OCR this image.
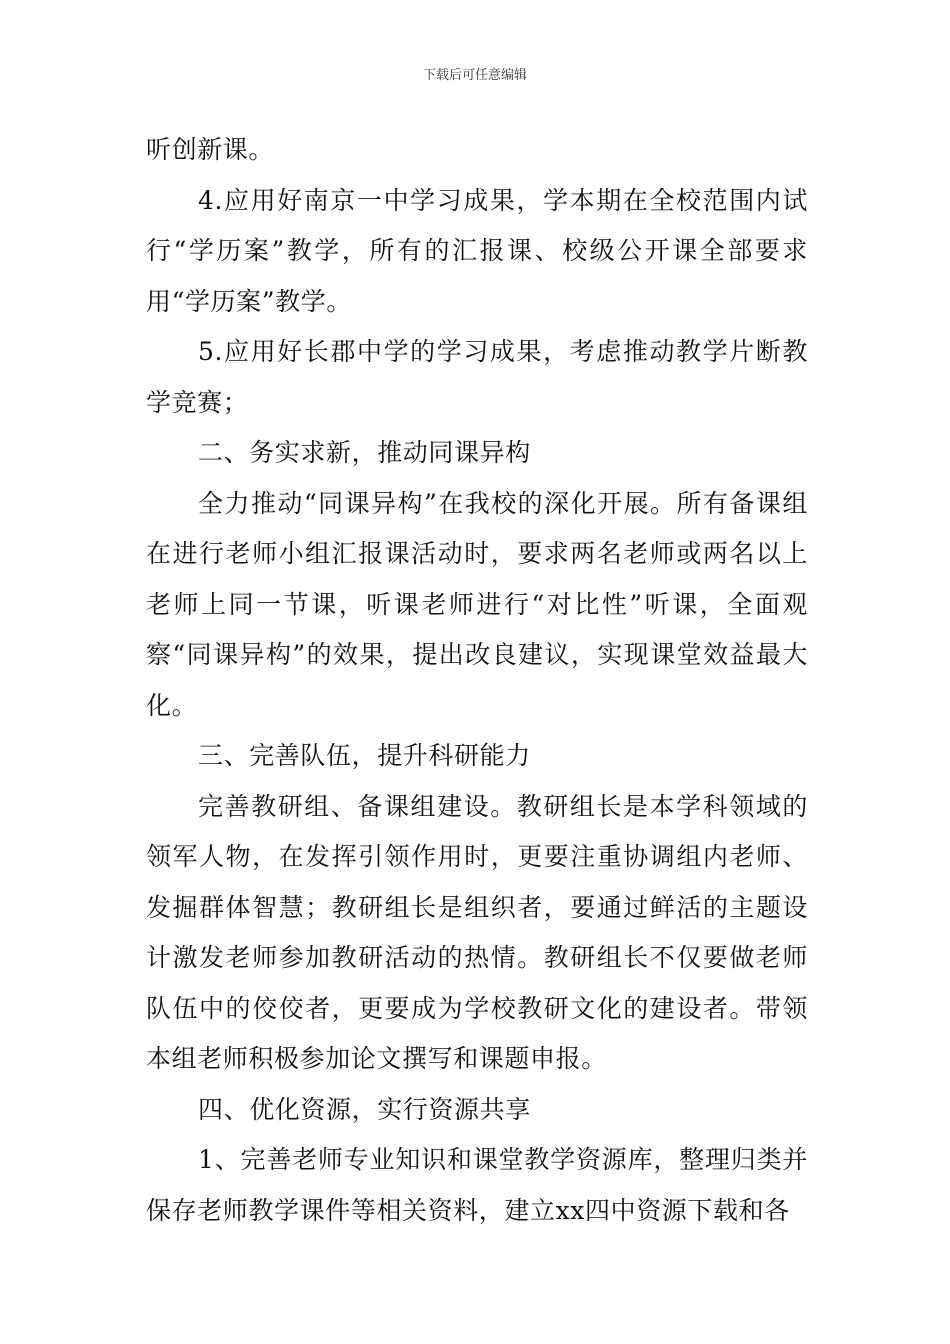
下载后可任意编辑

听创新课。

4.应用好南京一中学习成果，学本期在全校范围内试行“学历案”教学，所有的汇报课、校级公开课全部要求用“学历案”教学。

5.应用好长郡中学的学习成果，考虑推动教学片断教学竞赛；

二、务实求新，推动同课异构

全力推动“同课异构”在我校的深化开展。所有备课组在进行老师小组汇报课活动时，要求两名老师或两名以上老师上同一节课，听课老师进行“对比性”听课，全面观察“同课异构”的效果，提出改良建议，实现课堂效益最大化。

三、完善队伍，提升科研能力

完善教研组、备课组建设。教研组长是本学科领域的领军人物，在发挥引领作用时，更要注重协调组内老师、发掘群体智慧；教研组长是组织者，要通过鲜活的主题设计激发老师参加教研活动的热情。教研组长不仅要做老师队伍中的佼佼者，更要成为学校教研文化的建设者。带领本组老师积极参加论文撰写和课题申报。

四、优化资源，实行资源共享

1、完善老师专业知识和课堂教学资源库，整理归类并保存老师教学课件等相关资料，建立xx四中资源下载和各
